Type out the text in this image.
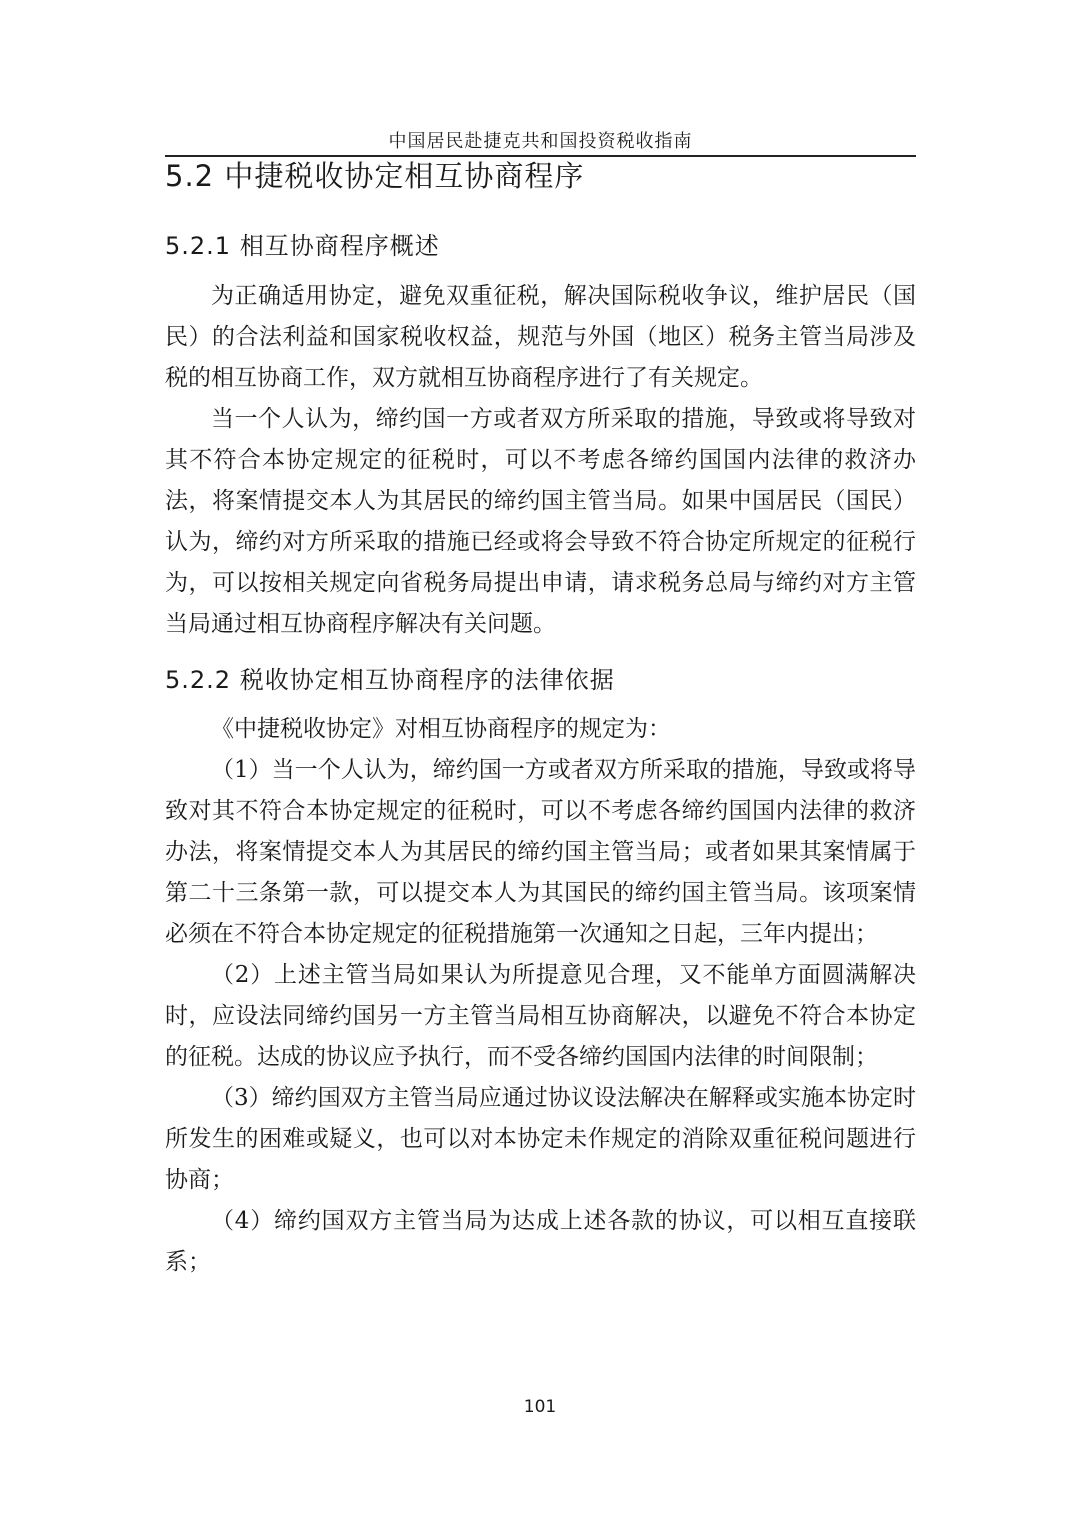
中国居民赴捷克共和国投资税收指南
5.2 中捷税收协定相互协商程序
5.2.1 相互协商程序概述

为正确适用协定，避免双重征税，解决国际税收争议，维护居民（国民）的合法利益和国家税收权益，规范与外国（地区）税务主管当局涉及税的相互协商工作，双方就相互协商程序进行了有关规定。

当一个人认为，缔约国一方或者双方所采取的措施，导致或将导致对其不符合本协定规定的征税时，可以不考虑各缔约国国内法律的救济办法，将案情提交本人为其居民的缔约国主管当局。如果中国居民（国民）认为，缔约对方所采取的措施已经或将会导致不符合协定所规定的征税行为，可以按相关规定向省税务局提出申请，请求税务总局与缔约对方主管当局通过相互协商程序解决有关问题。

5.2.2 税收协定相互协商程序的法律依据

《中捷税收协定》对相互协商程序的规定为：

（1）当一个人认为，缔约国一方或者双方所采取的措施，导致或将导致对其不符合本协定规定的征税时，可以不考虑各缔约国国内法律的救济办法，将案情提交本人为其居民的缔约国主管当局；或者如果其案情属于第二十三条第一款，可以提交本人为其国民的缔约国主管当局。该项案情必须在不符合本协定规定的征税措施第一次通知之日起，三年内提出；

（2）上述主管当局如果认为所提意见合理，又不能单方面圆满解决时，应设法同缔约国另一方主管当局相互协商解决，以避免不符合本协定的征税。达成的协议应予执行，而不受各缔约国国内法律的时间限制；

（3）缔约国双方主管当局应通过协议设法解决在解释或实施本协定时所发生的困难或疑义，也可以对本协定未作规定的消除双重征税问题进行协商；

（4）缔约国双方主管当局为达成上述各款的协议，可以相互直接联系；

101
